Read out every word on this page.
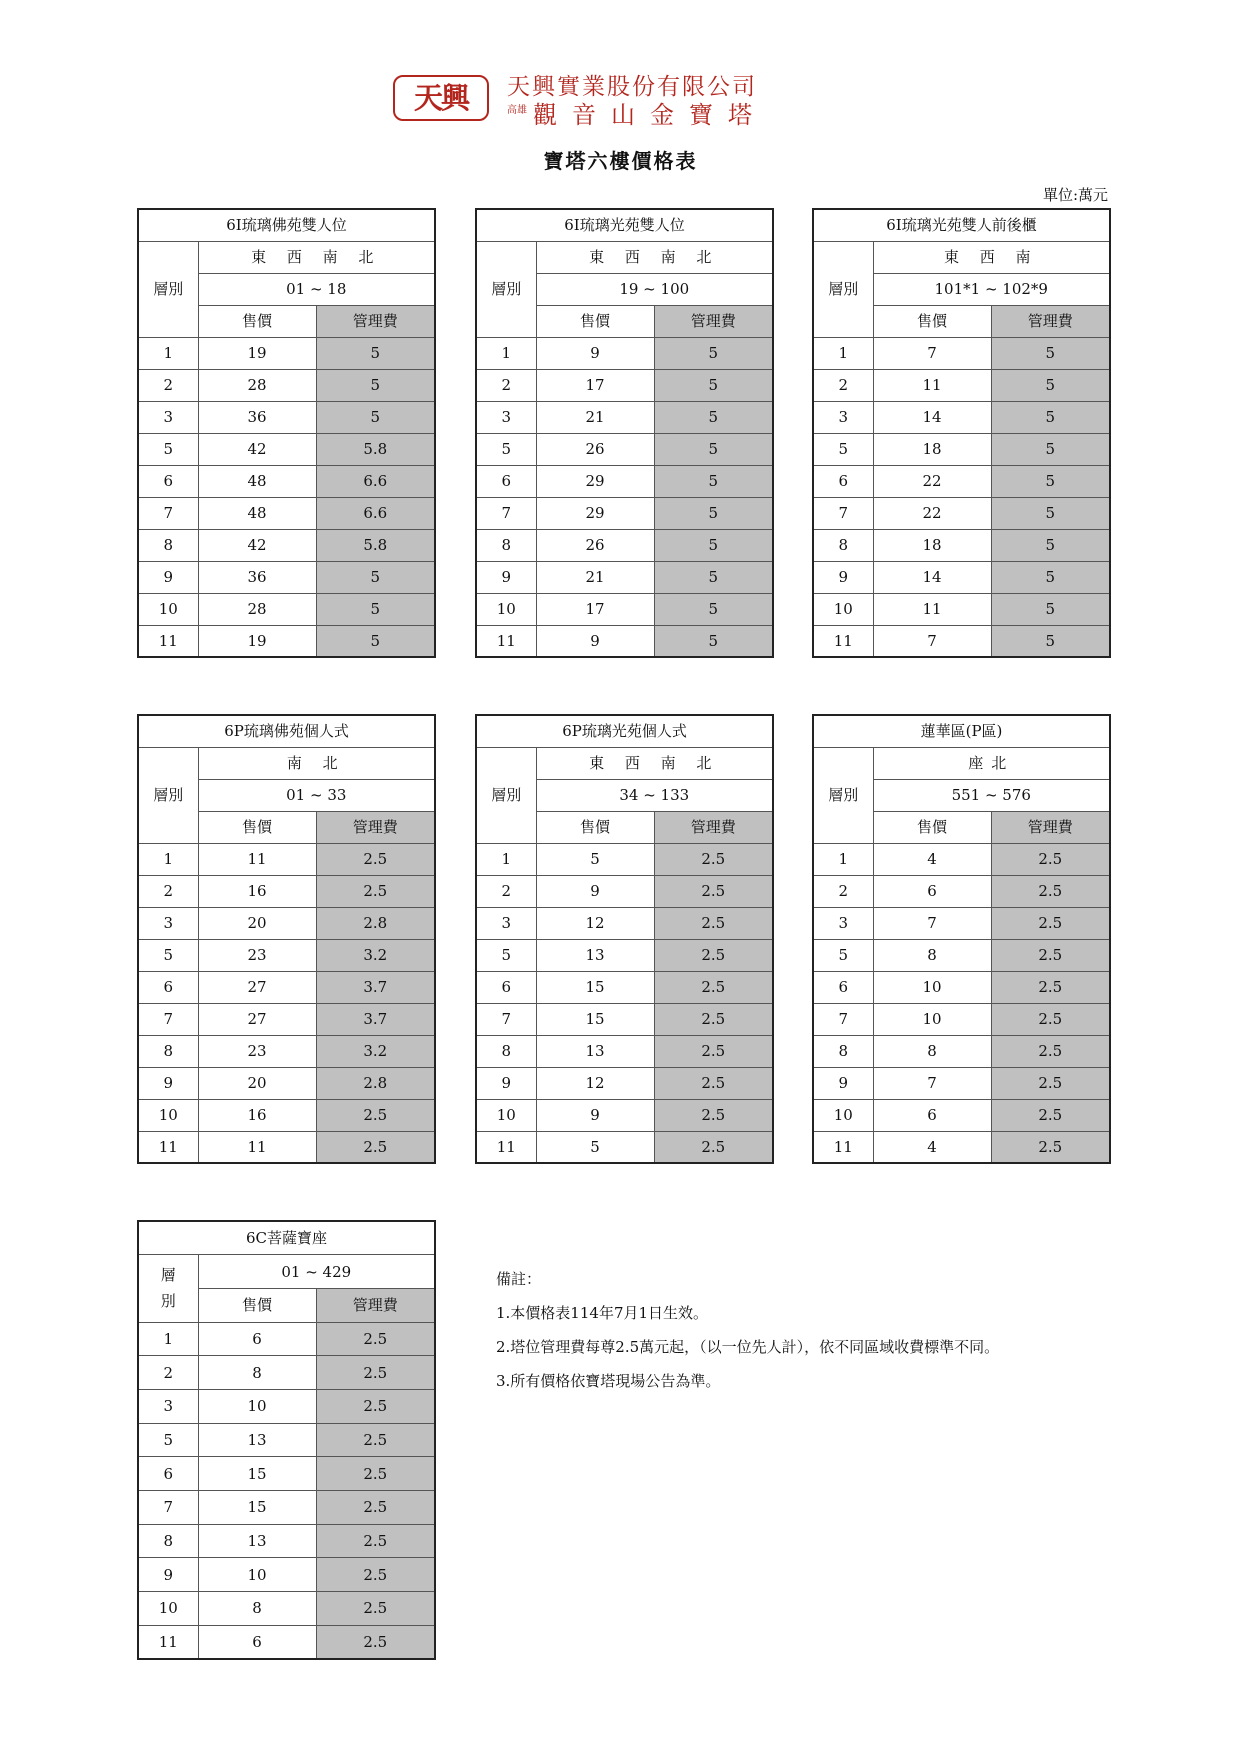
天興	天興實業股份有限公司
高雄 觀音山金寶塔
寶塔六樓價格表
單位:萬元
6I琉璃佛苑雙人位		
層別	東 西 南 北	
	01 ~ 18	
	售價	管理費
1	19	5
2	28	5
3	36	5
5	42	5.8
6	48	6.6
7	48	6.6
8	42	5.8
9	36	5
10	28	5
11	19	5
6I琉璃光苑雙人位		
層別	東 西 南 北	
	19 ~ 100	
	售價	管理費
1	9	5
2	17	5
3	21	5
5	26	5
6	29	5
7	29	5
8	26	5
9	21	5
10	17	5
11	9	5
6I琉璃光苑雙人前後櫃		
層別	東 西 南	
	101*1 ~ 102*9	
	售價	管理費
1	7	5
2	11	5
3	14	5
5	18	5
6	22	5
7	22	5
8	18	5
9	14	5
10	11	5
11	7	5
6P琉璃佛苑個人式		
層別	南 北	
	01 ~ 33	
	售價	管理費
1	11	2.5
2	16	2.5
3	20	2.8
5	23	3.2
6	27	3.7
7	27	3.7
8	23	3.2
9	20	2.8
10	16	2.5
11	11	2.5
6P琉璃光苑個人式		
層別	東 西 南 北	
	34 ~ 133	
	售價	管理費
1	5	2.5
2	9	2.5
3	12	2.5
5	13	2.5
6	15	2.5
7	15	2.5
8	13	2.5
9	12	2.5
10	9	2.5
11	5	2.5
蓮華區(P區)		
層別	座北	
	551 ~ 576	
	售價	管理費
1	4	2.5
2	6	2.5
3	7	2.5
5	8	2.5
6	10	2.5
7	10	2.5
8	8	2.5
9	7	2.5
10	6	2.5
11	4	2.5
6C菩薩寶座		
層別	01 ~ 429	
	售價	管理費
1	6	2.5
2	8	2.5
3	10	2.5
5	13	2.5
6	15	2.5
7	15	2.5
8	13	2.5
9	10	2.5
10	8	2.5
11	6	2.5
備註：
1.本價格表114年7月1日生效。
2.塔位管理費每尊2.5萬元起，（以一位先人計），依不同區域收費標準不同。
3.所有價格依寶塔現場公告為準。
